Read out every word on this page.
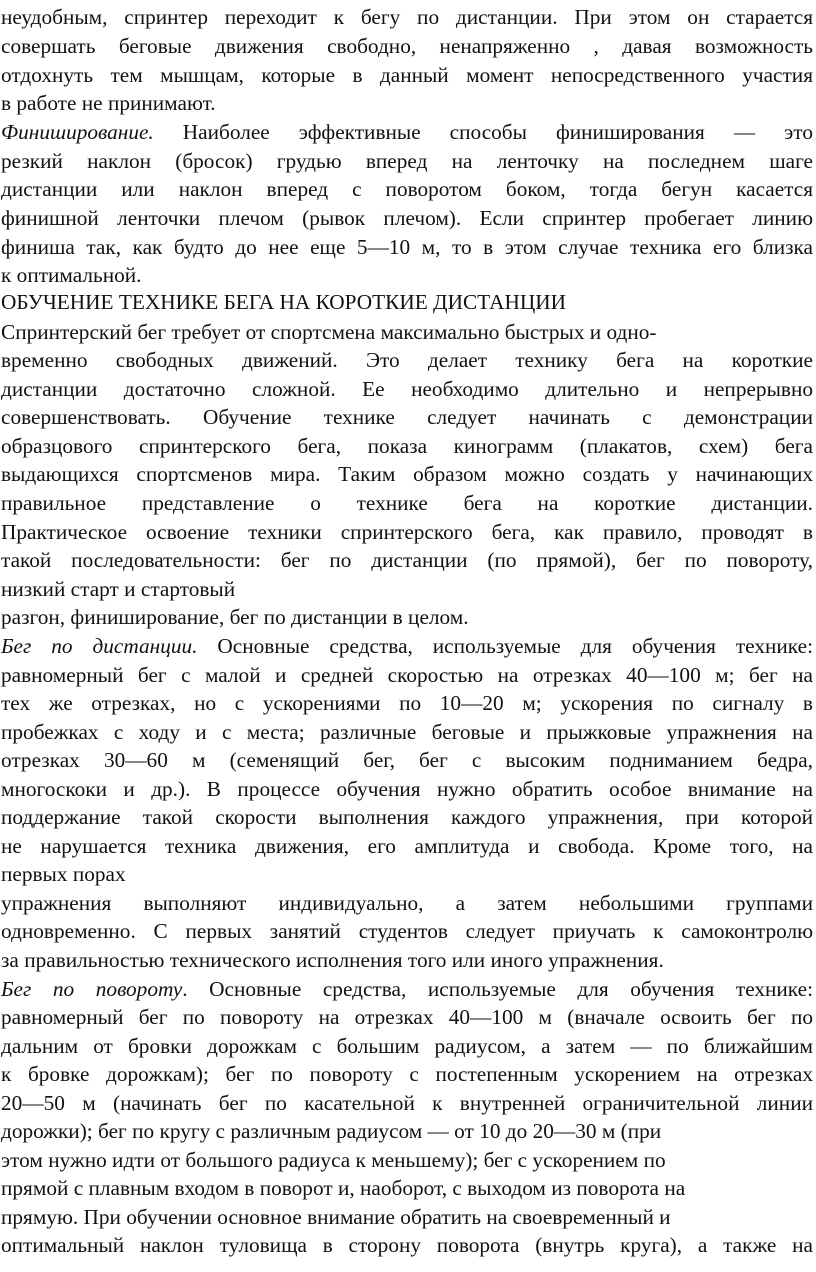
неудобным, спринтер переходит к бегу по дистанции. При этом он старается
совершать беговые движения свободно, ненапряженно , давая возможность
отдохнуть тем мышцам, которые в данный момент непосредственного участия
в работе не принимают.
Финиширование. Наиболее эффективные способы финиширования — это
резкий наклон (бросок) грудью вперед на ленточку на последнем шаге
дистанции или наклон вперед с поворотом боком, тогда бегун касается
финишной ленточки плечом (рывок плечом). Если спринтер пробегает линию
финиша так, как будто до нее еще 5—10 м, то в этом случае техника его близка
к оптимальной.
ОБУЧЕНИЕ ТЕХНИКЕ БЕГА НА КОРОТКИЕ ДИСТАНЦИИ
Спринтерский бег требует от спортсмена максимально быстрых и одно-
временно свободных движений. Это делает технику бега на короткие
дистанции достаточно сложной. Ее необходимо длительно и непрерывно
совершенствовать. Обучение технике следует начинать с демонстрации
образцового спринтерского бега, показа кинограмм (плакатов, схем) бега
выдающихся спортсменов мира. Таким образом можно создать у начинающих
правильное представление о технике бега на короткие дистанции.
Практическое освоение техники спринтерского бега, как правило, проводят в
такой последовательности: бег по дистанции (по прямой), бег по повороту,
низкий старт и стартовый
разгон, финиширование, бег по дистанции в целом.
Бег по дистанции. Основные средства, используемые для обучения технике:
равномерный бег с малой и средней скоростью на отрезках 40—100 м; бег на
тех же отрезках, но с ускорениями по 10—20 м; ускорения по сигналу в
пробежках с ходу и с места; различные беговые и прыжковые упражнения на
отрезках 30—60 м (семенящий бег, бег с высоким подниманием бедра,
многоскоки и др.). В процессе обучения нужно обратить особое внимание на
поддержание такой скорости выполнения каждого упражнения, при которой
не нарушается техника движения, его амплитуда и свобода. Кроме того, на
первых порах
упражнения выполняют индивидуально, а затем небольшими группами
одновременно. С первых занятий студентов следует приучать к самоконтролю
за правильностью технического исполнения того или иного упражнения.
Бег по повороту. Основные средства, используемые для обучения технике:
равномерный бег по повороту на отрезках 40—100 м (вначале освоить бег по
дальним от бровки дорожкам с большим радиусом, а затем — по ближайшим
к бровке дорожкам); бег по повороту с постепенным ускорением на отрезках
20—50 м (начинать бег по касательной к внутренней ограничительной линии
дорожки); бег по кругу с различным радиусом — от 10 до 20—30 м (при
этом нужно идти от большого радиуса к меньшему); бег с ускорением по
прямой с плавным входом в поворот и, наоборот, с выходом из поворота на
прямую. При обучении основное внимание обратить на своевременный и
оптимальный наклон туловища в сторону поворота (внутрь круга), а также на
